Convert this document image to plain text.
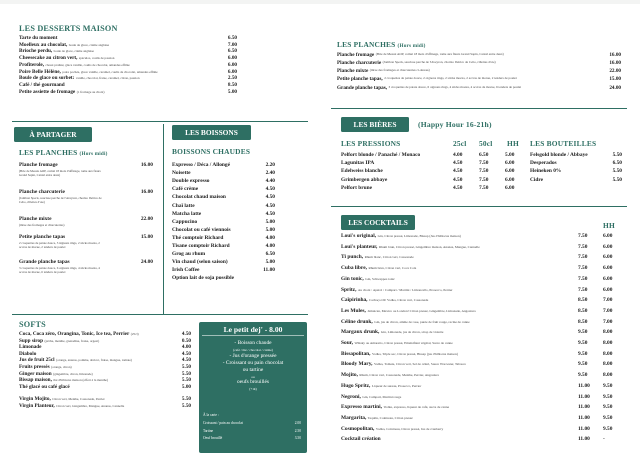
LES DESSERTS MAISON
Tarte du moment	6.50
Moelleux au chocolat, boule de glace, crème anglaise	7.00
Brioche perdu, boule de glace, crème anglaise	6.50
Cheesecake au citron vert, spéculos, coulis de passion	6.00
Profiterole, choux praliné, glace vanille, coulis de chocolat, amandes effilée	6.00
Poire Belle Hélène, poire pochée, glace vanille, caramel, coulis de chocolat, amandes effilée	6.00
Boule de glace ou sorbet: vanille, chocolat, fraise, caramel, citron, passion	2.50
Café / thé gourmand	8.50
Petite assiette de fromage (1 fromage au choix)	5.00
À PARTAGER
LES PLANCHES (Hors midi)
Planche fromage	16.00
(Brie de Meaux AOP, comté 18 mois d'affinage, tome aux fleurs Grand Sapin, Cantal entre deux)
Planche charcuterie	16.00
(Jambon Speck, saucisse perche de l'Aveyron, chorizo Ibérico de Cebo, rillettes d'oie)
Planche mixte	22.00
(mixe des fromages et charcuteries)
Petite planche tapas	15.00
2 croquettes de patate douce, 3 nignons rings, 2 sticks mozza, 2 accras de morue, 2 tenders de poulet
Grande planche tapas	24.00
3 croquettes de patate douce, 6 oignons rings, 4 sticks mozza, 4 accras de morue, 6 tenders de poulet
LES BOISSONS
BOISSONS CHAUDES
Expresso / Déca / Allongé	2.20
Noisette	2.40
Double expresso	4.40
Café crème	4.50
Chocolat chaud maison	4.50
Chaï latte	4.50
Matcha latte	4.50
Cappucino	5.00
Chocolat ou café viennois	5.00
Thé comptoir Richard	4.00
Tisane comptoir Richard	4.00
Grog au rhum	6.50
Vin chaud (selon saison)	5.00
Irish Coffee	11.00
Option lait de soja possible
SOFTS
Coca, Coca zéro, Orangina, Tonic, Ice tea, Perrier (25cl)	4.50
Supp sirop (pêche, menthe, grenadine, fraise, orgeat)	0.50
Limonade	4.00
Diabolo	4.50
Jus de fruit 25cl (orange, ananas, pomme, abricot, fraise, mangue, tomate)	4.50
Fruits pressés (orange, citron)	5.50
Ginger maison (gingembre, citron, limonade)	5.50
Bissap maison, thé d'hibiscus maison (offert à la menthe)	5.50
Thé glacé ou café glacé	5.00
Virgin Mojito, Citron vert, Menthe, Cassonade, Perrier	5.50
Virgin Planteur, Citron vert, Gingembre, Mangue, Ananas, Cannelle	5.50
Le petit dej' - 8.00
À la carte :
- Boisson chaude
(café / thé / chocolat / crème)
- Jus d'orange pressée
- Croissant ou pain chocolat
ou tartine
ou
oeufs brouillés
(+1€)
Croissant / pain au chocolat	2.00
Tartine	2.50
Oeuf brouillé	3.50
LES PLANCHES (Hors midi)
Planche fromage (Brie de Meaux AOP, comté 18 mois d'affinage, tome aux fleurs Grand Sapin, Cantal entre deux)	16.00
Planche charcuterie (Jambon Speck, saucisse perche de l'Aveyron, chorizo Ibérico de Cebo, rillettes d'oie)	16.00
Planche mixte (mixe des fromages et charcuteries ci-dessus)	22.00
Petite planche tapas, 2 croquettes de patate douce, 2 oignons rings, 2 sticks mozza, 2 accras de morue, 2 tenders de poulet	15.00
Grande planche tapas, 3 croquettes de patate douce, 6 oignons rings, 4 sticks mozza, 4 accras de morue, 6 tenders de poulet	24.00
LES BIÈRES	(Happy Hour 16-21h)
LES PRESSIONS	25cl 50cl HH
Pelfort blonde / Panaché / Monaco	4.00	6.50	5.00
Lagunitas IPA	4.50	7.50	6.00
Edelweiss blanche	4.50	7.50	6.00
Grimbergen abbaye	4.50	7.50	6.00
Pelfort brune	4.50	7.50	6.00
LES BOUTEILLES
Felsgold blonde / Abbaye	5.50
Desperados	6.50
Heineken 0%	5.50
Cidre	5.50
LES COCKTAILS	HH
Loui's original, Gin, Citron pressé, Limonade, Bissap (Jus d'hibiscus maison)	7.50	6.00
Loui's planteur, Rhum brun, Citron pressé, Gingembre maison, Ananas, Mangue, Cannelle	7.50	6.00
Ti punch, Rhum blanc, Citron vert, Cassonade	7.50	6.00
Cuba libre, Rhum brun, Citron vert, Coca Cola	7.50	6.00
Gin tonic, Gin, Schweppes tonic	7.50	6.00
Spritz, Au choix : Apérol / Campari / Martini / Limoncello, Prosecco, Perrier	7.50	6.00
Caïpirinha, Cachaça OU Vodka, Citron vert, Cassonade	8.50	7.00
Les Mules, Jamaican, Mexico ou London! Citron pressé, Gingembre, Limonade, Angostura	8.50	7.00
Céline drunk, Gin, jus de citron, amme de rose, purée de fruit rouge, racine de canne	8.50	7.00
Margaux drunk, Gin, Limonade, jus de citron, sirop de violette	9.50	8.00
Sour, Whisky ou Amaretto, Citron pressé, Emulsifiant végétal, Sucre de canne	9.50	8.00
Bissapolitan, Vodka, Triple sec, Citron pressé, Bissap (jus d'hibiscus maison)	9.50	8.00
Bloody Mary, Vodka, Tomate, Citron vert, Sel de céleri, Sauce Worcester, Tabasco	9.50	8.00
Mojito, Rhum, Citron vert, Cassonade, Menthe, Perrier, Angostura	9.50	8.00
Hugo Spritz, Liqueur de sureau, Prosecco, Perrier	11.00 9.50
Negroni, Gin, Campari, Martini rouge	11.00 9.50
Expresso martini, Vodka, expresso, liqueur de café, sucre de canne	11.00 9.50
Margarita, Tequila, Cointreau, Citron pressé	11.00 9.50
Cosmopolitan, Vodka, Cointreau, Citron pressé, Jus de cranberry	11.00 9.50
Cocktail création	11.00 -
